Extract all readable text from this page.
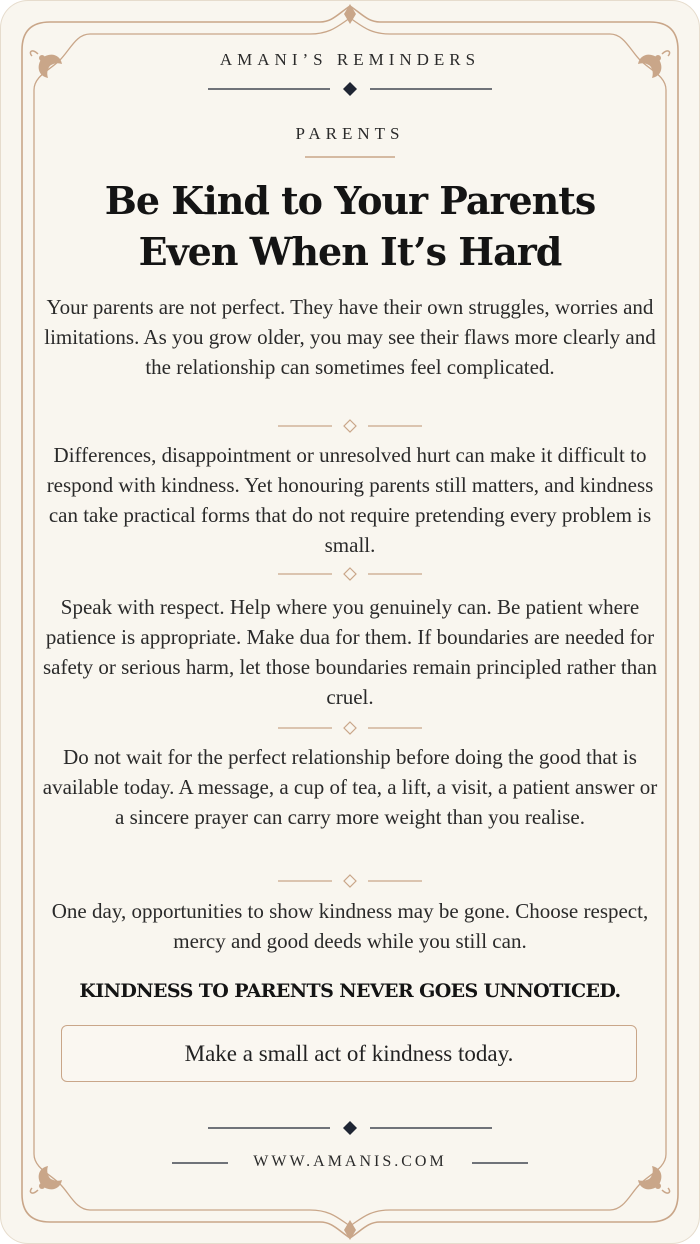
AMANI’S REMINDERS
PARENTS
Be Kind to Your Parents
Even When It’s Hard
Your parents are not perfect. They have their own struggles, worries and limitations. As you grow older, you may see their flaws more clearly and the relationship can sometimes feel complicated.
Differences, disappointment or unresolved hurt can make it difficult to respond with kindness. Yet honouring parents still matters, and kindness can take practical forms that do not require pretending every problem is small.
Speak with respect. Help where you genuinely can. Be patient where patience is appropriate. Make dua for them. If boundaries are needed for safety or serious harm, let those boundaries remain principled rather than cruel.
Do not wait for the perfect relationship before doing the good that is available today. A message, a cup of tea, a lift, a visit, a patient answer or a sincere prayer can carry more weight than you realise.
One day, opportunities to show kindness may be gone. Choose respect, mercy and good deeds while you still can.
KINDNESS TO PARENTS NEVER GOES UNNOTICED.
Make a small act of kindness today.
WWW.AMANIS.COM
